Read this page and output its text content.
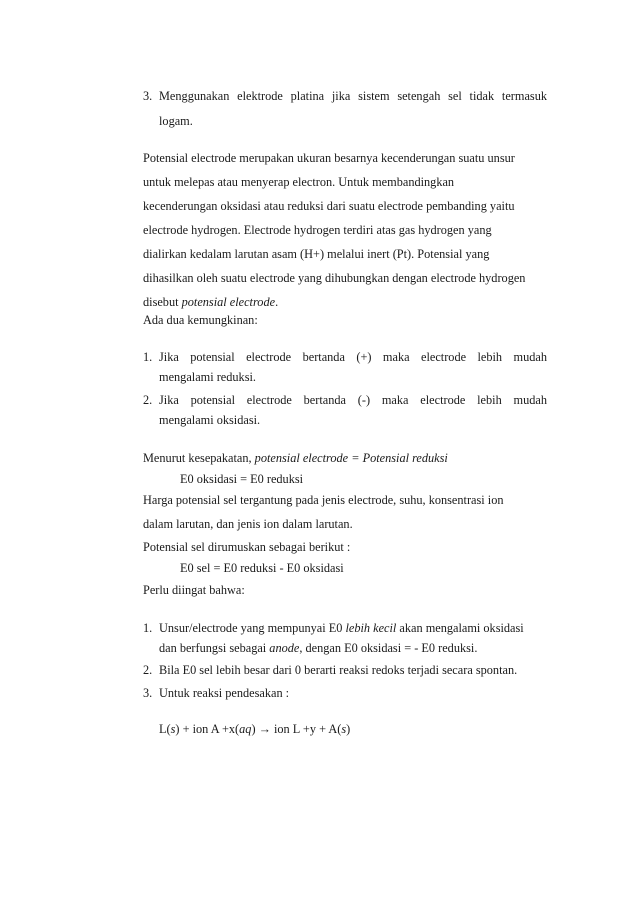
3. Menggunakan elektrode platina jika sistem setengah sel tidak termasuk
logam.
Potensial electrode merupakan ukuran besarnya kecenderungan suatu unsur
untuk melepas atau menyerap electron. Untuk membandingkan
kecenderungan oksidasi atau reduksi dari suatu electrode pembanding yaitu
electrode hydrogen. Electrode hydrogen terdiri atas gas hydrogen yang
dialirkan kedalam larutan asam (H+) melalui inert (Pt). Potensial yang
dihasilkan oleh suatu electrode yang dihubungkan dengan electrode hydrogen
disebut potensial electrode.
Ada dua kemungkinan:
1. Jika potensial electrode bertanda (+) maka electrode lebih mudah
mengalami reduksi.
2. Jika potensial electrode bertanda (-) maka electrode lebih mudah
mengalami oksidasi.
Menurut kesepakatan, potensial electrode = Potensial reduksi
E0 oksidasi = E0 reduksi
Harga potensial sel tergantung pada jenis electrode, suhu, konsentrasi ion
dalam larutan, dan jenis ion dalam larutan.
Potensial sel dirumuskan sebagai berikut :
E0 sel = E0 reduksi - E0 oksidasi
Perlu diingat bahwa:
1. Unsur/electrode yang mempunyai E0 lebih kecil akan mengalami oksidasi
dan berfungsi sebagai anode, dengan E0 oksidasi = - E0 reduksi.
2. Bila E0 sel lebih besar dari 0 berarti reaksi redoks terjadi secara spontan.
3. Untuk reaksi pendesakan :
L(s) + ion A +x(aq) → ion L +y + A(s)
